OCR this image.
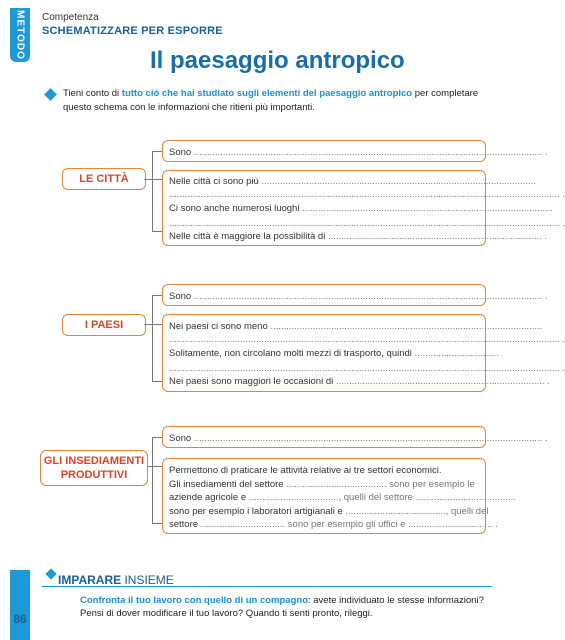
METODO
86
Competenza
SCHEMATIZZARE PER ESPORRE
Il paesaggio antropico
Tieni conto di tutto ciò che hai studiato sugli elementi del paesaggio antropico per completare questo schema con le informazioni che ritieni più importanti.
LE CITTÀ
Sono .................................................................................................................................... .
Nelle città ci sono più ........................................................................................................
.................................................................................................................................................... .
Ci sono anche numerosi luoghi ...............................................................................................
.................................................................................................................................................... .
Nelle città è maggiore la possibilità di ................................................................................. .
I PAESI
Sono .................................................................................................................................... .
Nei paesi ci sono meno .......................................................................................................
.................................................................................................................................................... .
Solitamente, non circolano molti mezzi di trasporto, quindi ................................
.................................................................................................................................................... .
Nei paesi sono maggiori le occasioni di ............................................................................... .
GLI INSEDIAMENTI PRODUTTIVI
Sono .................................................................................................................................... .
Permettono di praticare le attività relative ai tre settori economici.
Gli insediamenti del settore ...................................... sono per esempio le
aziende agricole e .................................., quelli del settore ......................................
sono per esempio i laboratori artigianali e ......................................, quelli del
settore ................................ sono per esempio gli uffici e ................................ .
IMPARARE INSIEME
Confronta il tuo lavoro con quello di un compagno: avete individuato le stesse informazioni? Pensi di dover modificare il tuo lavoro? Quando ti senti pronto, rileggi.
